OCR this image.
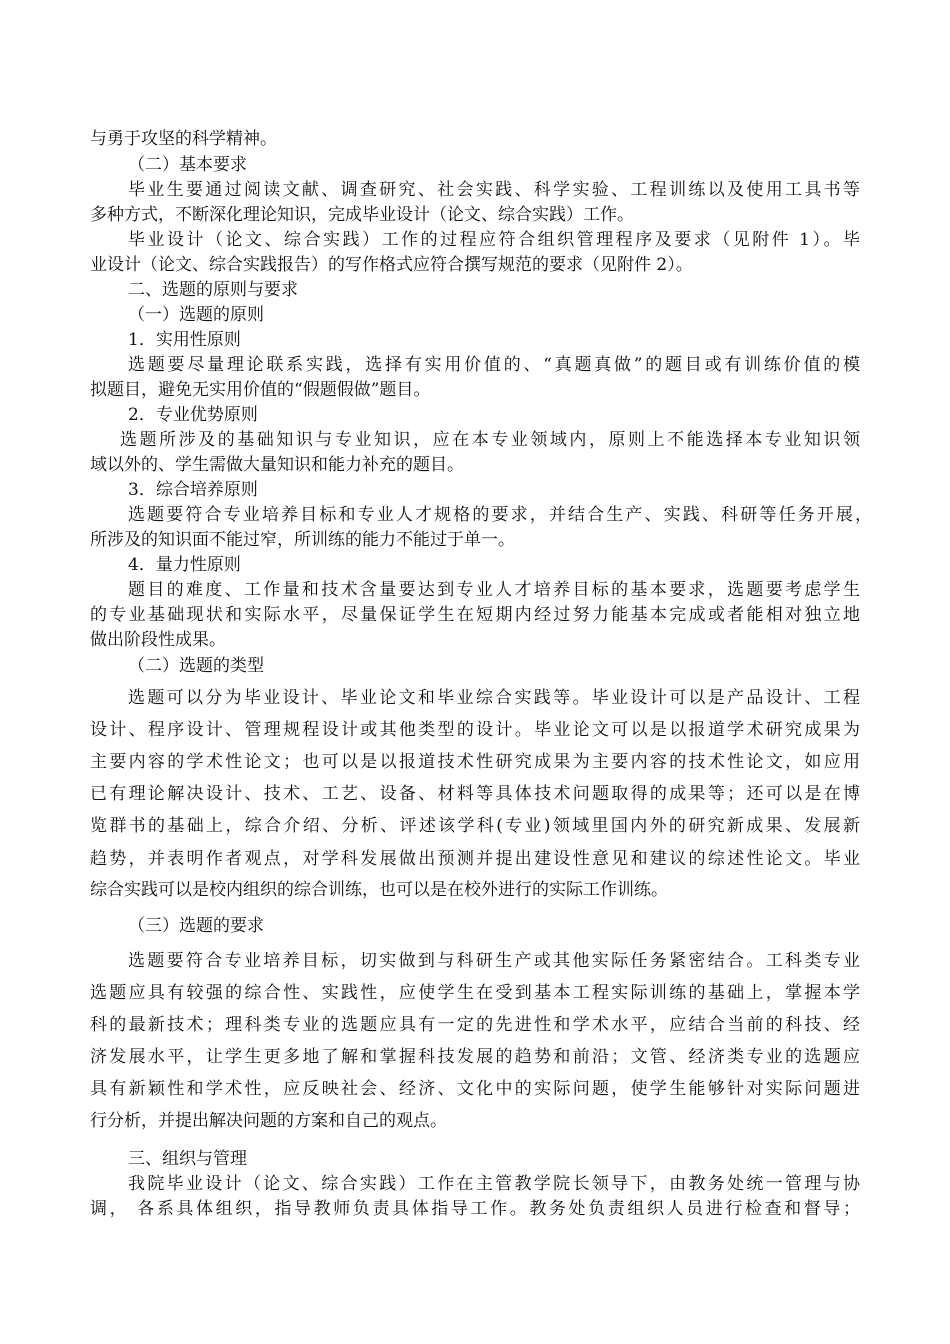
与勇于攻坚的科学精神。

（二）基本要求

毕业生要通过阅读文献、调查研究、社会实践、科学实验、工程训练以及使用工具书等

多种方式，不断深化理论知识，完成毕业设计（论文、综合实践）工作。

毕业设计（论文、综合实践）工作的过程应符合组织管理程序及要求（见附件 1）。毕

业设计（论文、综合实践报告）的写作格式应符合撰写规范的要求（见附件 2）。

二、选题的原则与要求

（一）选题的原则

1．实用性原则

选题要尽量理论联系实践，选择有实用价值的、“真题真做”的题目或有训练价值的模

拟题目，避免无实用价值的“假题假做”题目。

2．专业优势原则

选题所涉及的基础知识与专业知识，应在本专业领域内，原则上不能选择本专业知识领

域以外的、学生需做大量知识和能力补充的题目。

3．综合培养原则

选题要符合专业培养目标和专业人才规格的要求，并结合生产、实践、科研等任务开展，

所涉及的知识面不能过窄，所训练的能力不能过于单一。

4．量力性原则

题目的难度、工作量和技术含量要达到专业人才培养目标的基本要求，选题要考虑学生

的专业基础现状和实际水平，尽量保证学生在短期内经过努力能基本完成或者能相对独立地

做出阶段性成果。

（二）选题的类型

选题可以分为毕业设计、毕业论文和毕业综合实践等。毕业设计可以是产品设计、工程

设计、程序设计、管理规程设计或其他类型的设计。毕业论文可以是以报道学术研究成果为

主要内容的学术性论文；也可以是以报道技术性研究成果为主要内容的技术性论文，如应用

已有理论解决设计、技术、工艺、设备、材料等具体技术问题取得的成果等；还可以是在博

览群书的基础上，综合介绍、分析、评述该学科(专业)领域里国内外的研究新成果、发展新

趋势，并表明作者观点，对学科发展做出预测并提出建设性意见和建议的综述性论文。毕业

综合实践可以是校内组织的综合训练，也可以是在校外进行的实际工作训练。

（三）选题的要求

选题要符合专业培养目标，切实做到与科研生产或其他实际任务紧密结合。工科类专业

选题应具有较强的综合性、实践性，应使学生在受到基本工程实际训练的基础上，掌握本学

科的最新技术；理科类专业的选题应具有一定的先进性和学术水平，应结合当前的科技、经

济发展水平，让学生更多地了解和掌握科技发展的趋势和前沿；文管、经济类专业的选题应

具有新颖性和学术性，应反映社会、经济、文化中的实际问题，使学生能够针对实际问题进

行分析，并提出解决问题的方案和自己的观点。

三、组织与管理

我院毕业设计（论文、综合实践）工作在主管教学院长领导下，由教务处统一管理与协

调， 各系具体组织，指导教师负责具体指导工作。教务处负责组织人员进行检查和督导；
